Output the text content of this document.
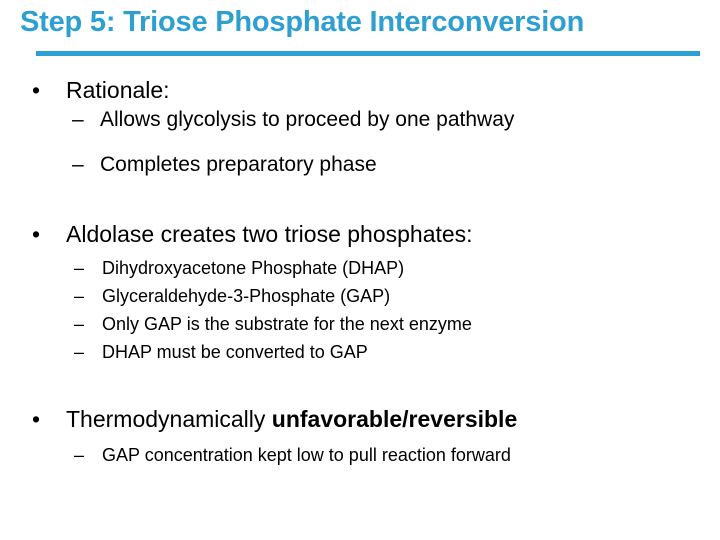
Step 5: Triose Phosphate Interconversion
• Rationale:
– Allows glycolysis to proceed by one pathway
– Completes preparatory phase
• Aldolase creates two triose phosphates:
– Dihydroxyacetone Phosphate (DHAP)
– Glyceraldehyde-3-Phosphate (GAP)
– Only GAP is the substrate for the next enzyme
– DHAP must be converted to GAP
• Thermodynamically unfavorable/reversible
– GAP concentration kept low to pull reaction forward
